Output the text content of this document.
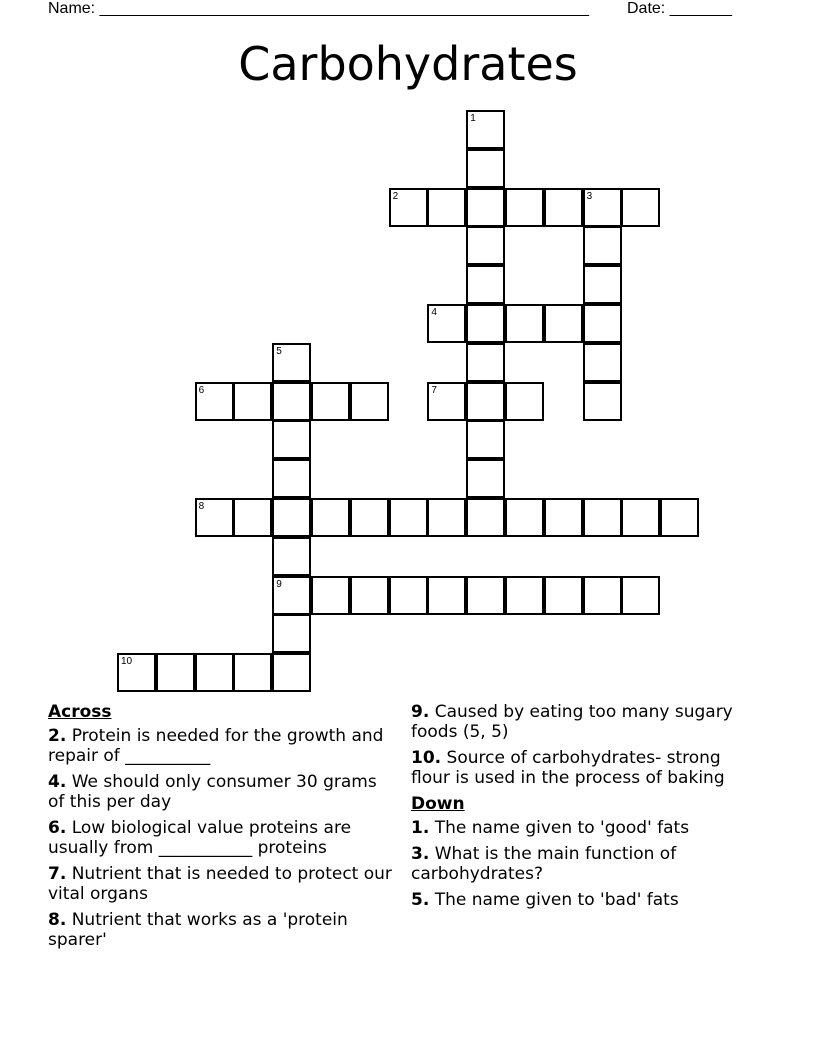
Name: _______________________________________________________ Date: _______
Carbohydrates
1
2	3
4
5
9
6	7
8
10
Across
2. Protein is needed for the growth and repair of __________
4. We should only consumer 30 grams of this per day
6. Low biological value proteins are usually from ___________ proteins
7. Nutrient that is needed to protect our vital organs
8. Nutrient that works as a 'protein sparer'
9. Caused by eating too many sugary foods (5, 5)
10. Source of carbohydrates- strong flour is used in the process of baking
Down
1. The name given to 'good' fats
3. What is the main function of carbohydrates?
5. The name given to 'bad' fats
